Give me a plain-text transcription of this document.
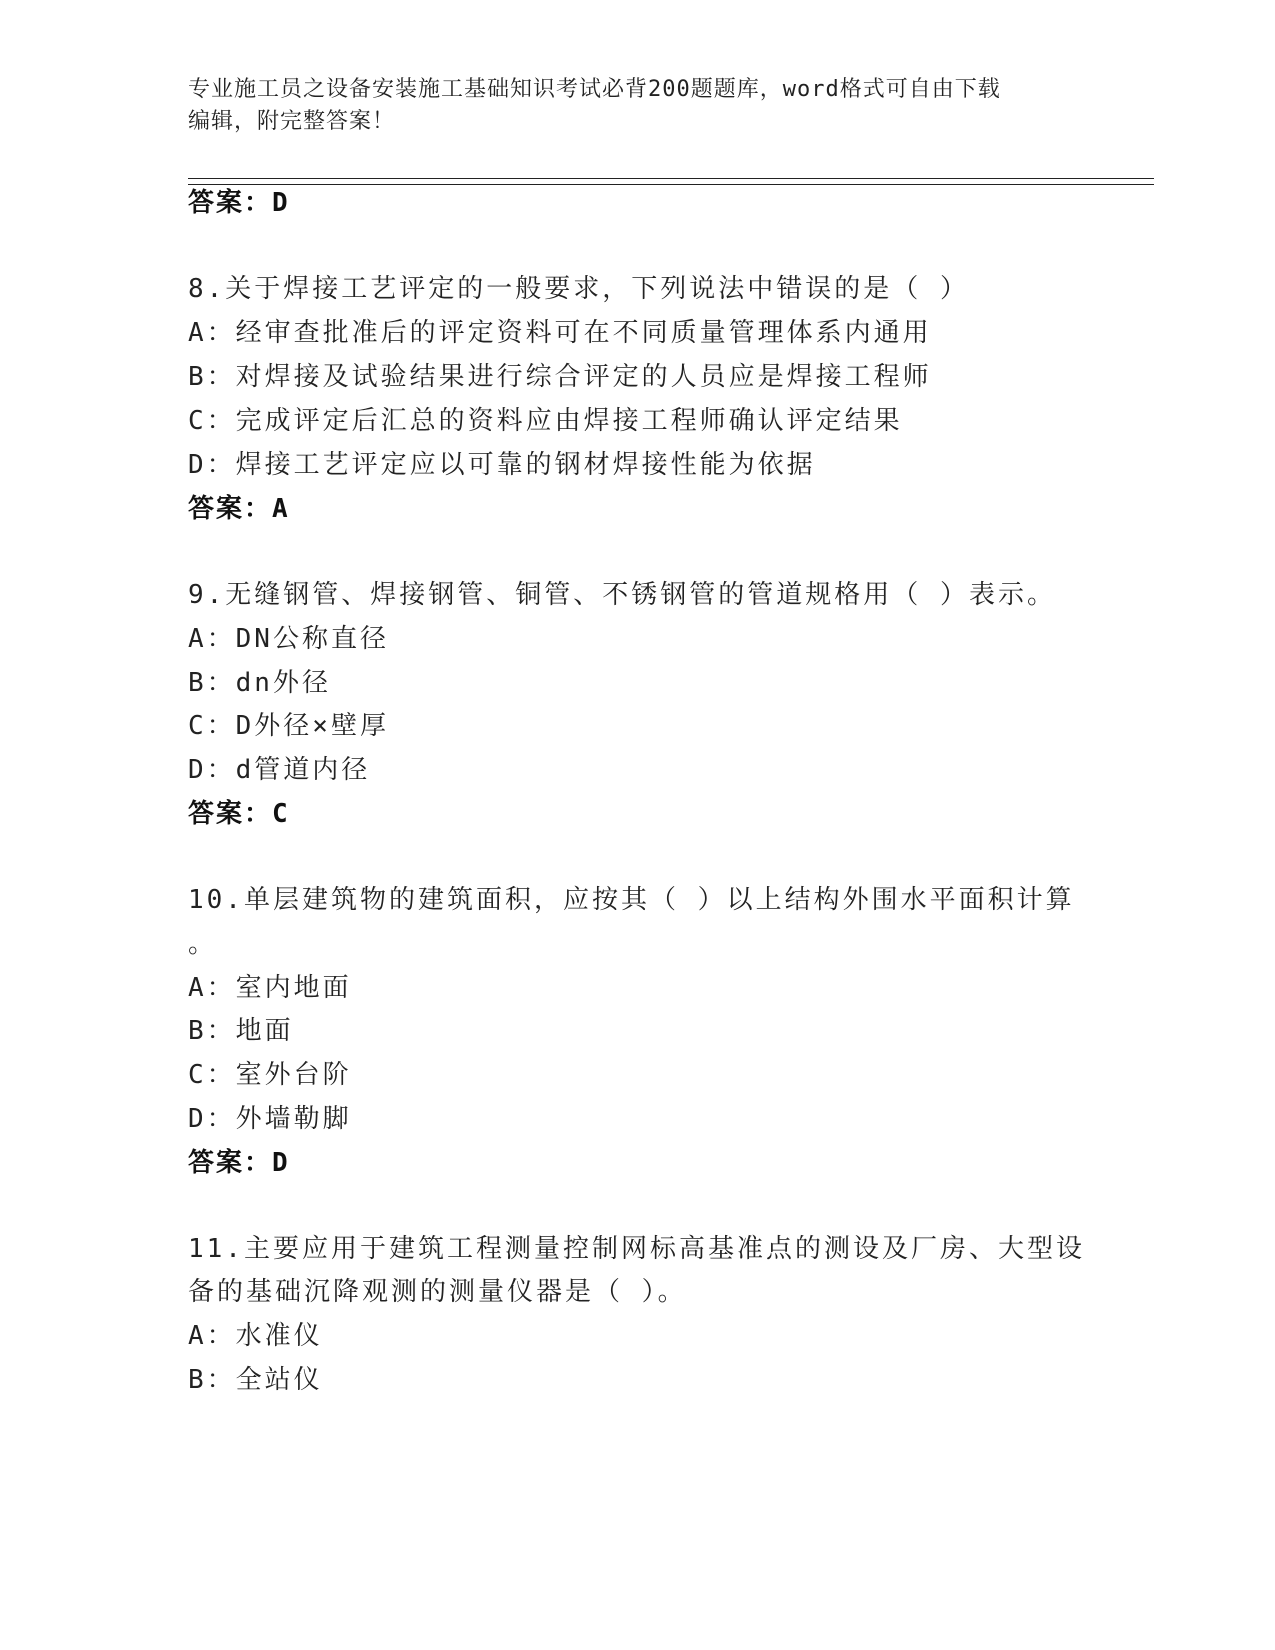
专业施工员之设备安装施工基础知识考试必背200题题库，word格式可自由下载
编辑，附完整答案！
答案：D
8.关于焊接工艺评定的一般要求，下列说法中错误的是（ ）
A：经审查批准后的评定资料可在不同质量管理体系内通用
B：对焊接及试验结果进行综合评定的人员应是焊接工程师
C：完成评定后汇总的资料应由焊接工程师确认评定结果
D：焊接工艺评定应以可靠的钢材焊接性能为依据
答案：A
9.无缝钢管、焊接钢管、铜管、不锈钢管的管道规格用（ ）表示。
A：DN公称直径
B：dn外径
C：D外径×壁厚
D：d管道内径
答案：C
10.单层建筑物的建筑面积，应按其（ ）以上结构外围水平面积计算
。
A：室内地面
B：地面
C：室外台阶
D：外墙勒脚
答案：D
11.主要应用于建筑工程测量控制网标高基准点的测设及厂房、大型设
备的基础沉降观测的测量仪器是（ ）。
A：水准仪
B：全站仪
